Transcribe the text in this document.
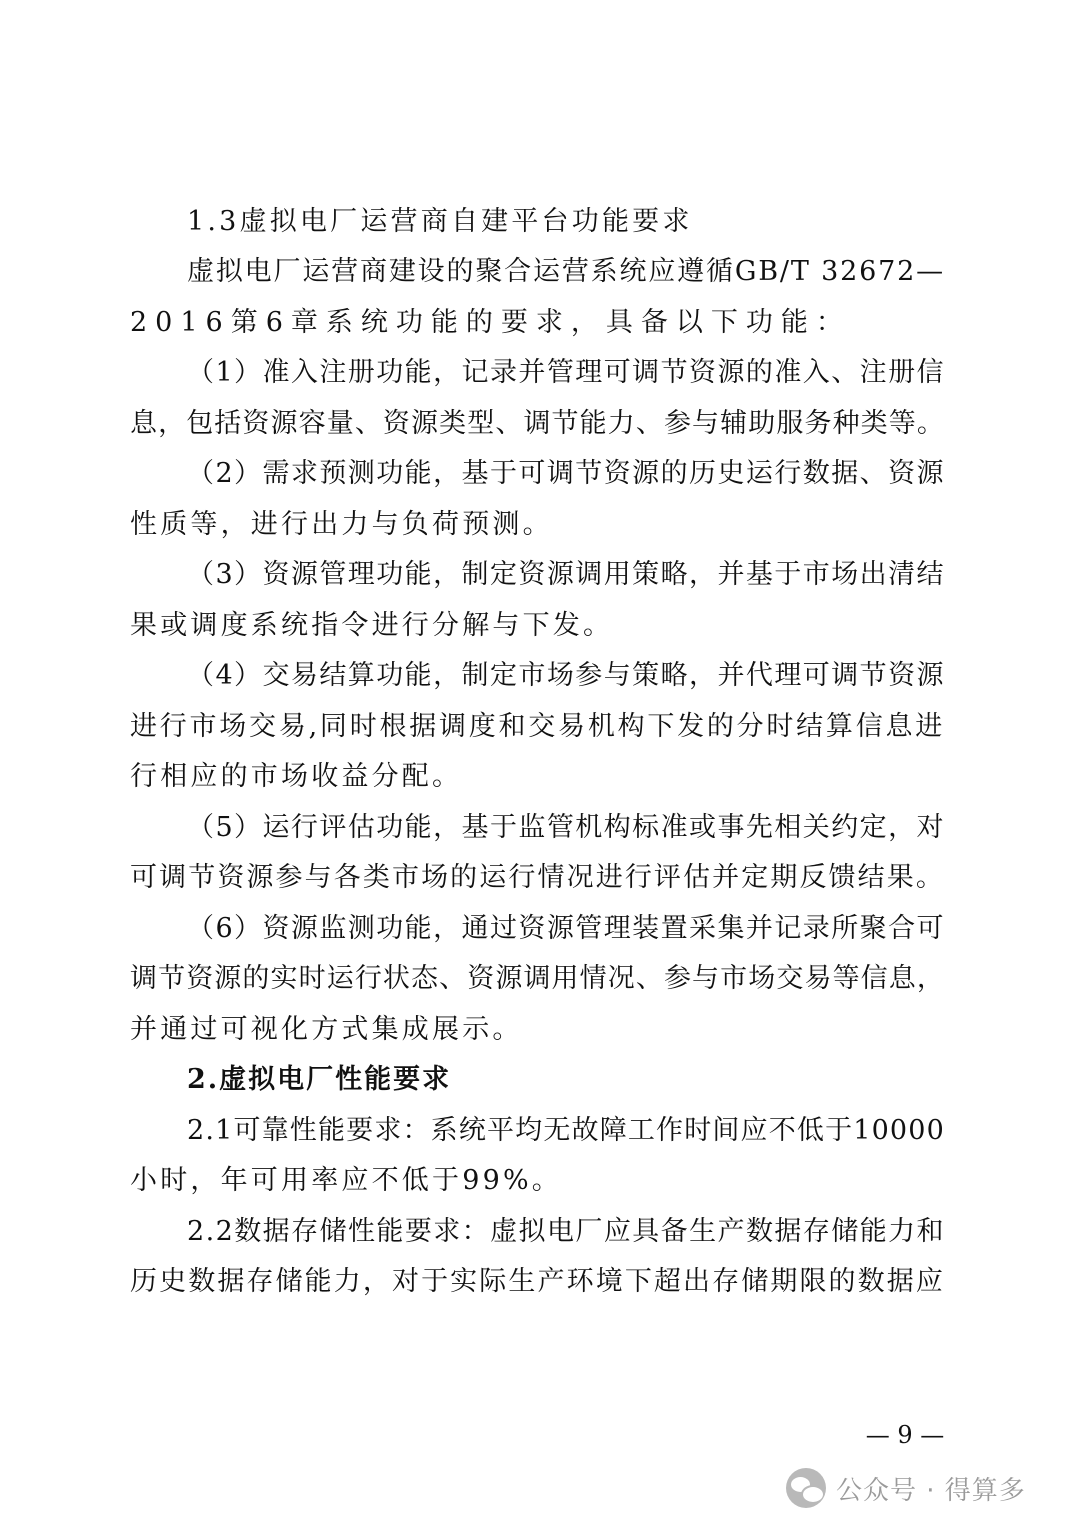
1.3虚拟电厂运营商自建平台功能要求

虚拟电厂运营商建设的聚合运营系统应遵循GB/T 32672—

2016第6章系统功能的要求，具备以下功能：

（1）准入注册功能，记录并管理可调节资源的准入、注册信

息，包括资源容量、资源类型、调节能力、参与辅助服务种类等。

（2）需求预测功能，基于可调节资源的历史运行数据、资源

性质等，进行出力与负荷预测。

（3）资源管理功能，制定资源调用策略，并基于市场出清结

果或调度系统指令进行分解与下发。

（4）交易结算功能，制定市场参与策略，并代理可调节资源

进行市场交易,同时根据调度和交易机构下发的分时结算信息进

行相应的市场收益分配。

（5）运行评估功能，基于监管机构标准或事先相关约定，对

可调节资源参与各类市场的运行情况进行评估并定期反馈结果。

（6）资源监测功能，通过资源管理装置采集并记录所聚合可

调节资源的实时运行状态、资源调用情况、参与市场交易等信息，

并通过可视化方式集成展示。

2.虚拟电厂性能要求

2.1可靠性能要求：系统平均无故障工作时间应不低于10000

小时，年可用率应不低于99%。

2.2数据存储性能要求：虚拟电厂应具备生产数据存储能力和

历史数据存储能力，对于实际生产环境下超出存储期限的数据应

— 9 —
公众号 · 得算多
